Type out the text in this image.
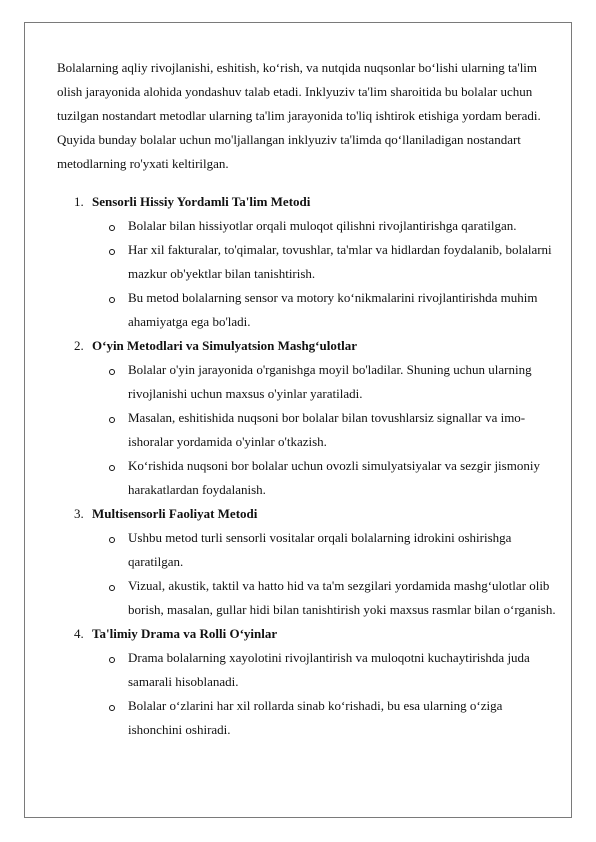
Bolalarning aqliy rivojlanishi, eshitish, ko‘rish, va nutqida nuqsonlar bo‘lishi ularning ta'lim olish jarayonida alohida yondashuv talab etadi. Inklyuziv ta'lim sharoitida bu bolalar uchun tuzilgan nostandart metodlar ularning ta'lim jarayonida to'liq ishtirok etishiga yordam beradi. Quyida bunday bolalar uchun mo'ljallangan inklyuziv ta'limda qo‘llaniladigan nostandart metodlarning ro'yxati keltirilgan.

1. Sensorli Hissiy Yordamli Ta'lim Metodi
Bolalar bilan hissiyotlar orqali muloqot qilishni rivojlantirishga qaratilgan.
Har xil fakturalar, to'qimalar, tovushlar, ta'mlar va hidlardan foydalanib, bolalarni mazkur ob'yektlar bilan tanishtirish.
Bu metod bolalarning sensor va motory ko‘nikmalarini rivojlantirishda muhim ahamiyatga ega bo'ladi.
2. O‘yin Metodlari va Simulyatsion Mashg‘ulotlar
Bolalar o'yin jarayonida o'rganishga moyil bo'ladilar. Shuning uchun ularning rivojlanishi uchun maxsus o'yinlar yaratiladi.
Masalan, eshitishida nuqsoni bor bolalar bilan tovushlarsiz signallar va imo-ishoralar yordamida o'yinlar o'tkazish.
Ko‘rishida nuqsoni bor bolalar uchun ovozli simulyatsiyalar va sezgir jismoniy harakatlardan foydalanish.
3. Multisensorli Faoliyat Metodi
Ushbu metod turli sensorli vositalar orqali bolalarning idrokini oshirishga qaratilgan.
Vizual, akustik, taktil va hatto hid va ta'm sezgilari yordamida mashg‘ulotlar olib borish, masalan, gullar hidi bilan tanishtirish yoki maxsus rasmlar bilan o‘rganish.
4. Ta'limiy Drama va Rolli O‘yinlar
Drama bolalarning xayolotini rivojlantirish va muloqotni kuchaytirishda juda samarali hisoblanadi.
Bolalar o‘zlarini har xil rollarda sinab ko‘rishadi, bu esa ularning o‘ziga ishonchini oshiradi.
